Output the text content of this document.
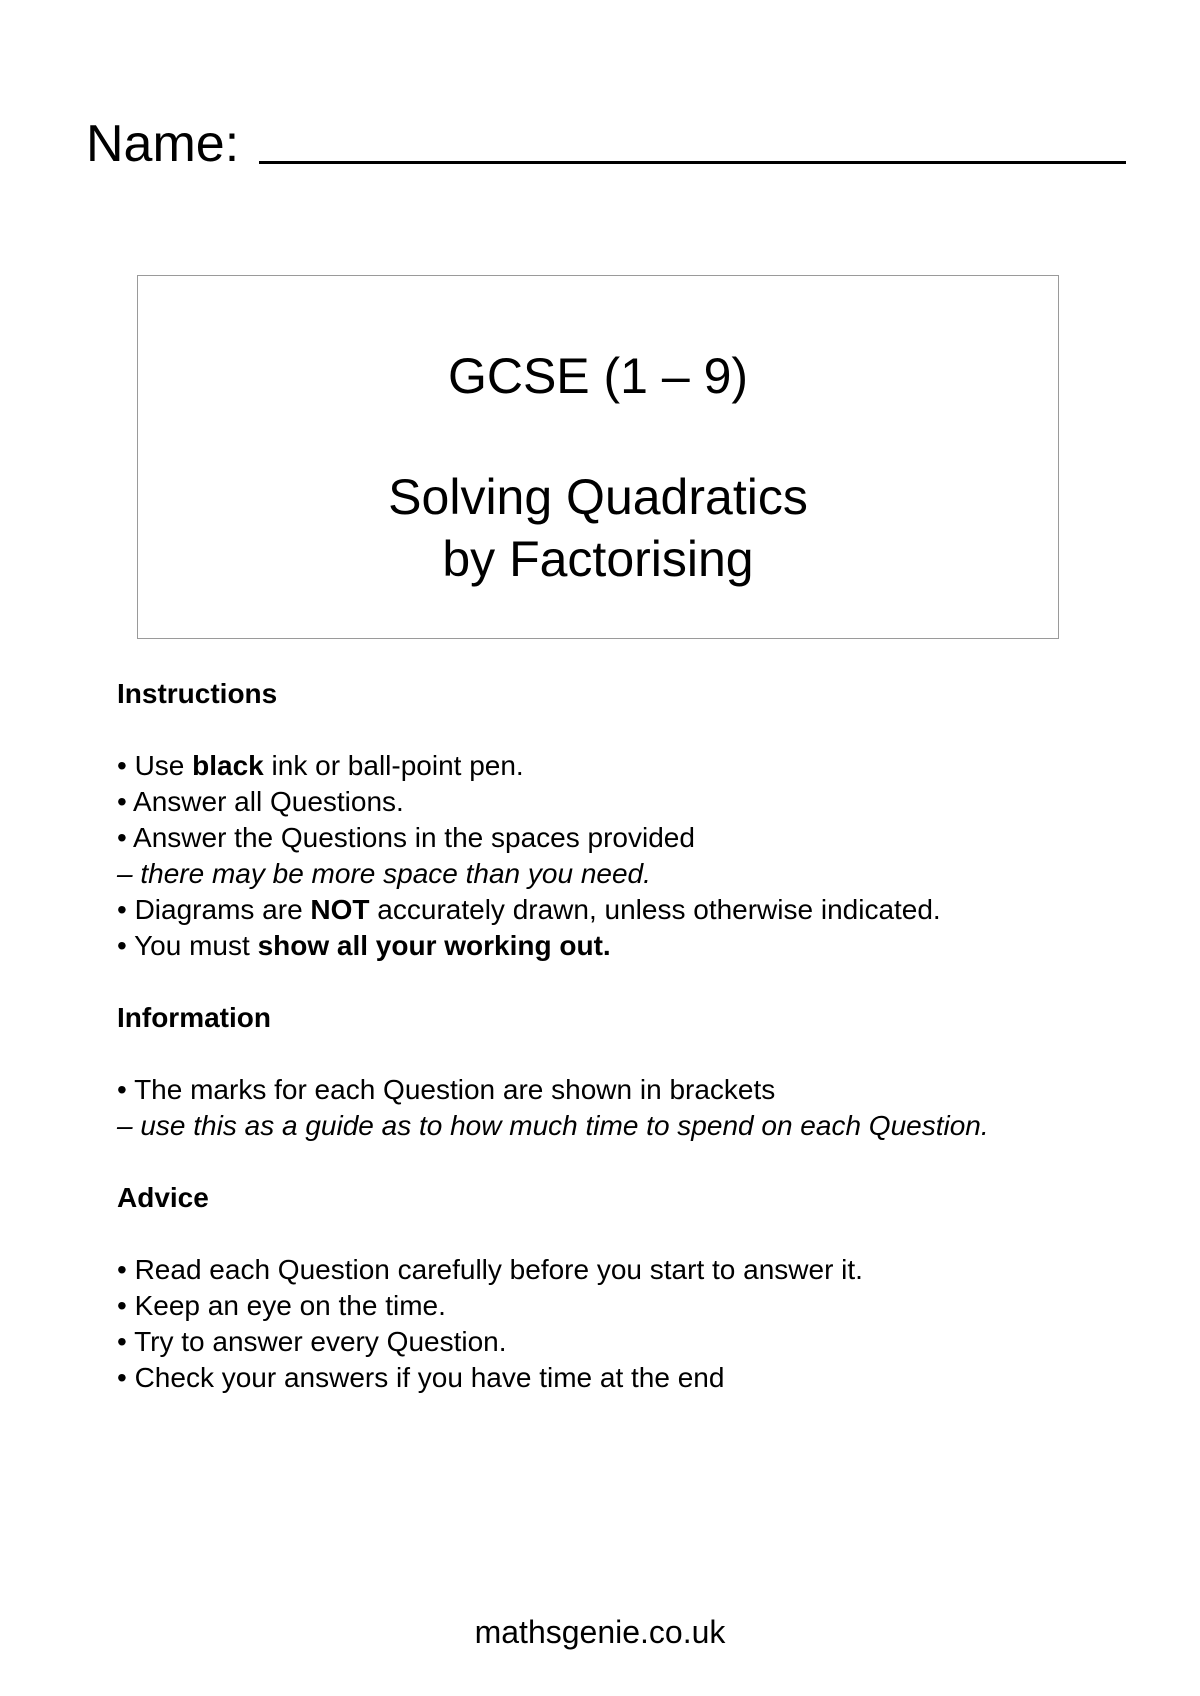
Name:
GCSE (1 – 9)
Solving Quadratics
by Factorising
Instructions
• Use black ink or ball-point pen.
• Answer all Questions.
• Answer the Questions in the spaces provided
– there may be more space than you need.
• Diagrams are NOT accurately drawn, unless otherwise indicated.
• You must show all your working out.
Information
• The marks for each Question are shown in brackets
– use this as a guide as to how much time to spend on each Question.
Advice
• Read each Question carefully before you start to answer it.
• Keep an eye on the time.
• Try to answer every Question.
• Check your answers if you have time at the end
mathsgenie.co.uk
